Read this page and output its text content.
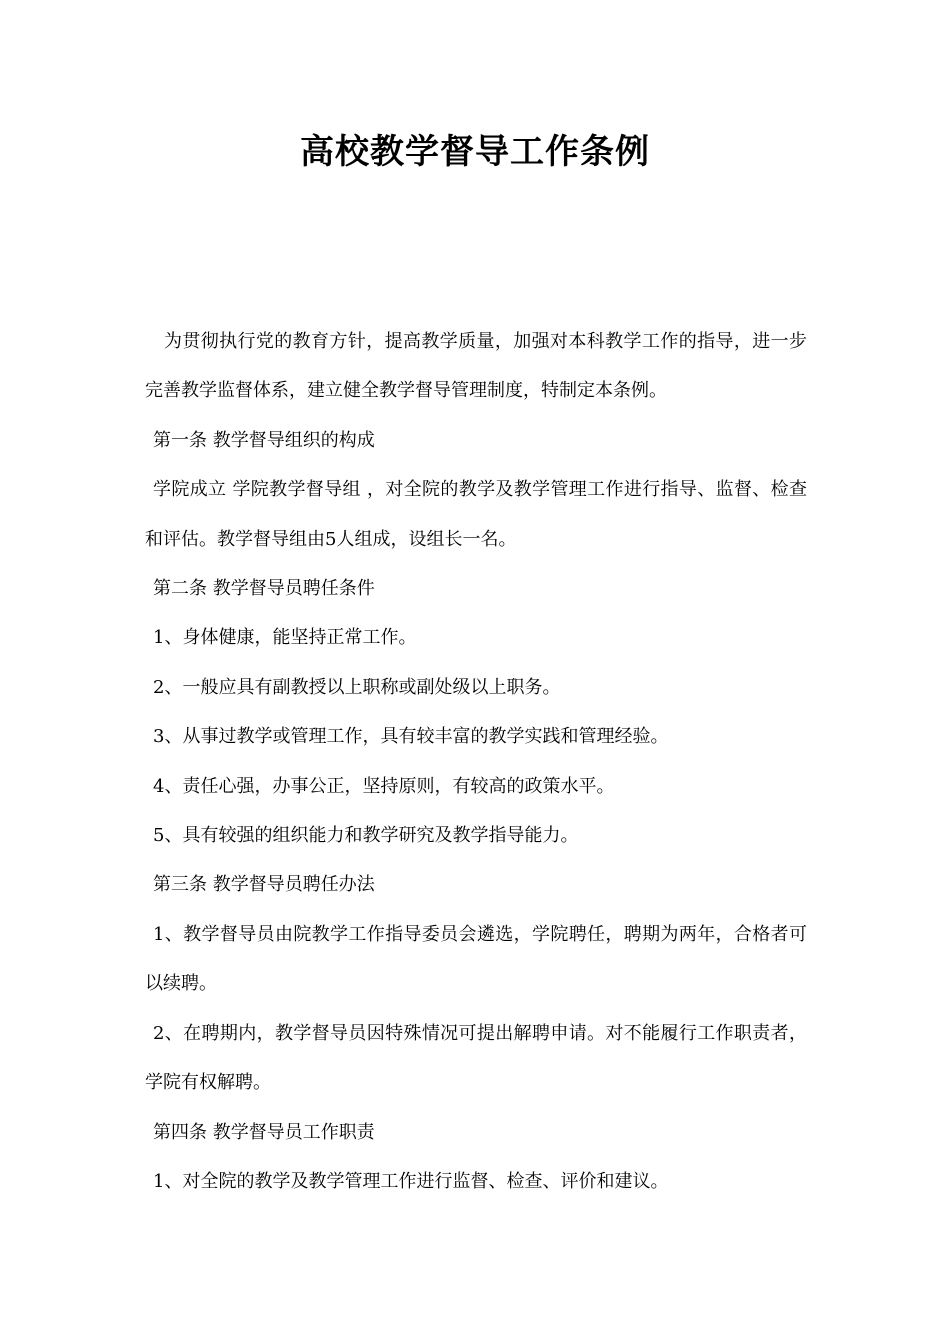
高校教学督导工作条例

为贯彻执行党的教育方针，提高教学质量，加强对本科教学工作的指导，进一步完善教学监督体系，建立健全教学督导管理制度，特制定本条例。

第一条 教学督导组织的构成

学院成立 学院教学督导组 ，对全院的教学及教学管理工作进行指导、监督、检查和评估。教学督导组由5人组成，设组长一名。

第二条 教学督导员聘任条件

1、身体健康，能坚持正常工作。

2、一般应具有副教授以上职称或副处级以上职务。

3、从事过教学或管理工作，具有较丰富的教学实践和管理经验。

4、责任心强，办事公正，坚持原则，有较高的政策水平。

5、具有较强的组织能力和教学研究及教学指导能力。

第三条 教学督导员聘任办法

1、教学督导员由院教学工作指导委员会遴选，学院聘任，聘期为两年，合格者可以续聘。

2、在聘期内，教学督导员因特殊情况可提出解聘申请。对不能履行工作职责者，学院有权解聘。

第四条 教学督导员工作职责

1、对全院的教学及教学管理工作进行监督、检查、评价和建议。
